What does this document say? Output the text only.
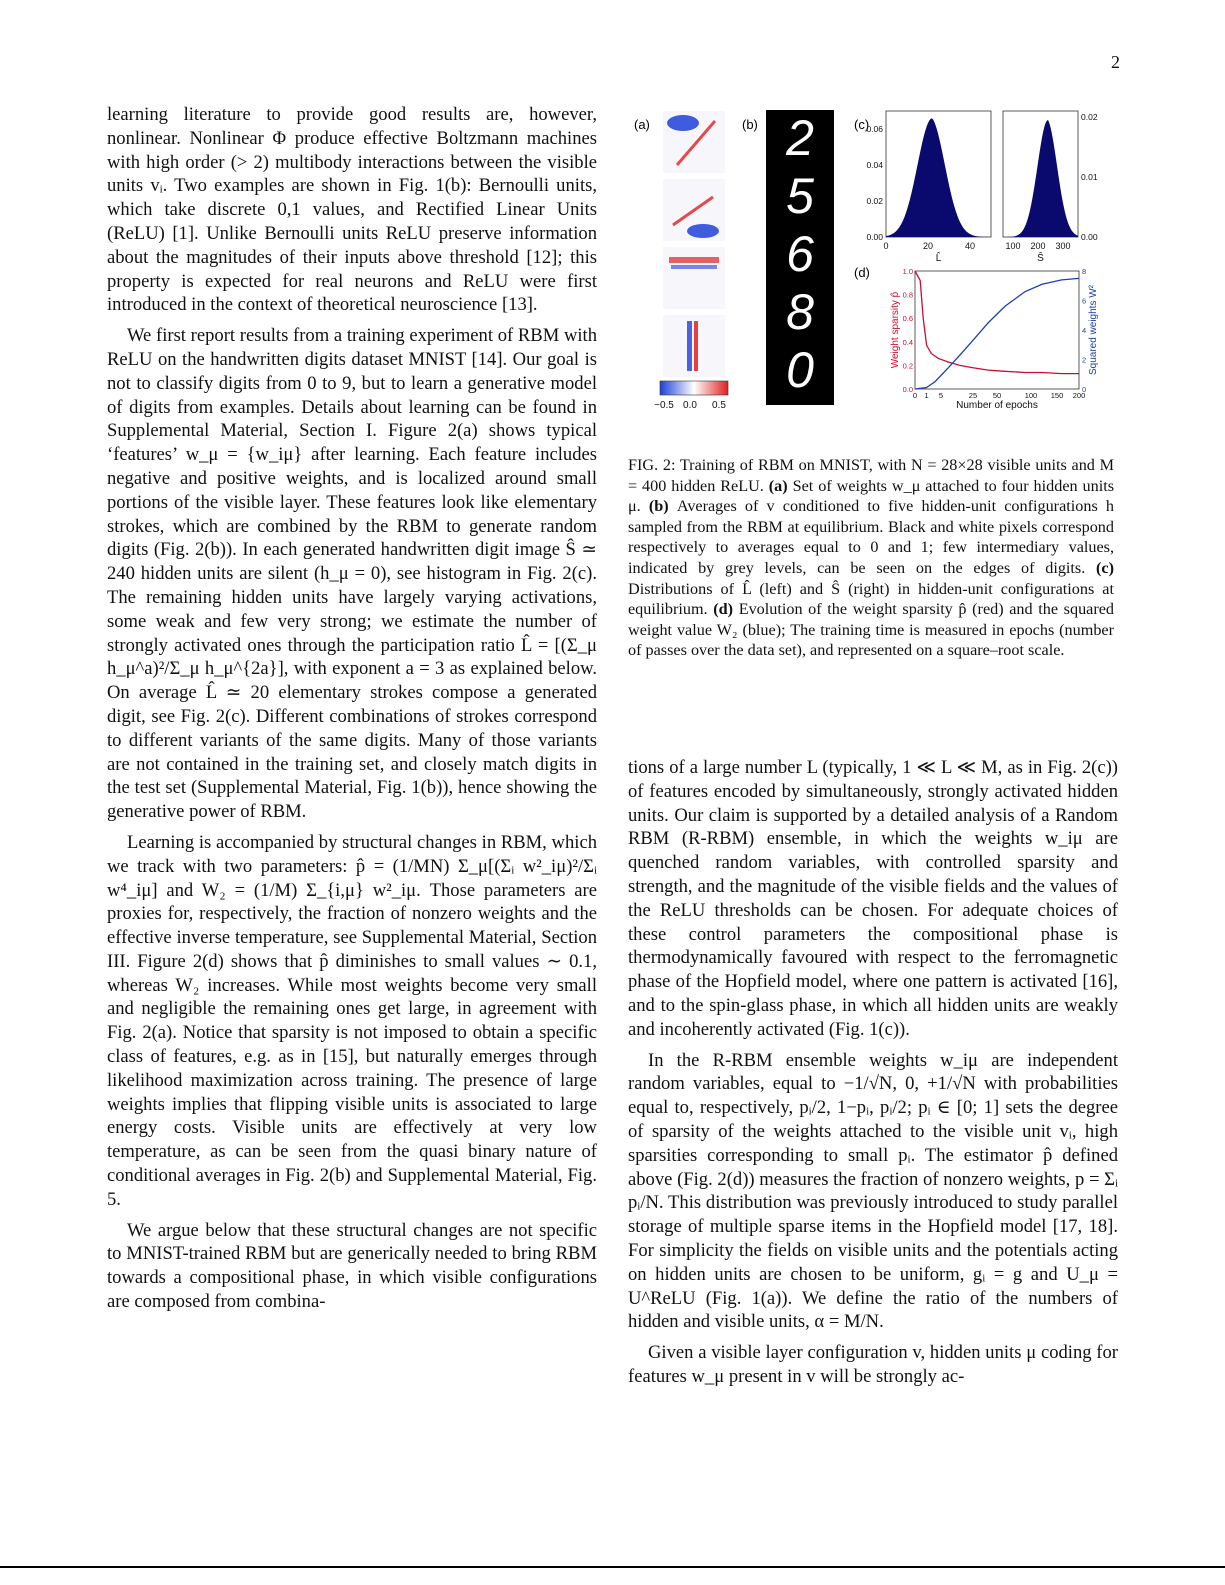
2

learning literature to provide good results are, however, nonlinear. Nonlinear Φ produce effective Boltzmann machines with high order (> 2) multibody interactions between the visible units vᵢ. Two examples are shown in Fig. 1(b): Bernoulli units, which take discrete 0,1 values, and Rectified Linear Units (ReLU) [1]. Unlike Bernoulli units ReLU preserve information about the magnitudes of their inputs above threshold [12]; this property is expected for real neurons and ReLU were first introduced in the context of theoretical neuroscience [13].

We first report results from a training experiment of RBM with ReLU on the handwritten digits dataset MNIST [14]. Our goal is not to classify digits from 0 to 9, but to learn a generative model of digits from examples. Details about learning can be found in Supplemental Material, Section I. Figure 2(a) shows typical ‘features’ w_μ = {w_iμ} after learning. Each feature includes negative and positive weights, and is localized around small portions of the visible layer. These features look like elementary strokes, which are combined by the RBM to generate random digits (Fig. 2(b)). In each generated handwritten digit image Ŝ ≃ 240 hidden units are silent (h_μ = 0), see histogram in Fig. 2(c). The remaining hidden units have largely varying activations, some weak and few very strong; we estimate the number of strongly activated ones through the participation ratio L̂ = [(Σ_μ h_μ^a)²/Σ_μ h_μ^{2a}], with exponent a = 3 as explained below. On average L̂ ≃ 20 elementary strokes compose a generated digit, see Fig. 2(c). Different combinations of strokes correspond to different variants of the same digits. Many of those variants are not contained in the training set, and closely match digits in the test set (Supplemental Material, Fig. 1(b)), hence showing the generative power of RBM.

Learning is accompanied by structural changes in RBM, which we track with two parameters: p̂ = (1/MN) Σ_μ[(Σᵢ w²_iμ)²/Σᵢ w⁴_iμ] and W₂ = (1/M) Σ_{i,μ} w²_iμ. Those parameters are proxies for, respectively, the fraction of nonzero weights and the effective inverse temperature, see Supplemental Material, Section III. Figure 2(d) shows that p̂ diminishes to small values ∼ 0.1, whereas W₂ increases. While most weights become very small and negligible the remaining ones get large, in agreement with Fig. 2(a). Notice that sparsity is not imposed to obtain a specific class of features, e.g. as in [15], but naturally emerges through likelihood maximization across training. The presence of large weights implies that flipping visible units is associated to large energy costs. Visible units are effectively at very low temperature, as can be seen from the quasi binary nature of conditional averages in Fig. 2(b) and Supplemental Material, Fig. 5.

We argue below that these structural changes are not specific to MNIST-trained RBM but are generically needed to bring RBM towards a compositional phase, in which visible configurations are composed from combina-

(a)	(b)	(c)
(d)
−0.5 0.0 0.5
2
5
6
8
0
0	20	40
0.00
0.02
0.04
0.06
L̂
100 200 300
0.00
0.01
0.02
Ŝ
0 1 5	25 50	100 150 200
0.0
0.2
0.4
0.6
0.8
1.0
0
2
4
6
8
Number of epochs
Weight sparsity p̂	Squared weights W²
FIG. 2: Training of RBM on MNIST, with N = 28×28 visible units and M = 400 hidden ReLU. (a) Set of weights w_μ attached to four hidden units μ. (b) Averages of v conditioned to five hidden-unit configurations h sampled from the RBM at equilibrium. Black and white pixels correspond respectively to averages equal to 0 and 1; few intermediary values, indicated by grey levels, can be seen on the edges of digits. (c) Distributions of L̂ (left) and Ŝ (right) in hidden-unit configurations at equilibrium. (d) Evolution of the weight sparsity p̂ (red) and the squared weight value W₂ (blue); The training time is measured in epochs (number of passes over the data set), and represented on a square–root scale.

tions of a large number L (typically, 1 ≪ L ≪ M, as in Fig. 2(c)) of features encoded by simultaneously, strongly activated hidden units. Our claim is supported by a detailed analysis of a Random RBM (R-RBM) ensemble, in which the weights w_iμ are quenched random variables, with controlled sparsity and strength, and the magnitude of the visible fields and the values of the ReLU thresholds can be chosen. For adequate choices of these control parameters the compositional phase is thermodynamically favoured with respect to the ferromagnetic phase of the Hopfield model, where one pattern is activated [16], and to the spin-glass phase, in which all hidden units are weakly and incoherently activated (Fig. 1(c)).

In the R-RBM ensemble weights w_iμ are independent random variables, equal to −1/√N, 0, +1/√N with probabilities equal to, respectively, pᵢ/2, 1−pᵢ, pᵢ/2; pᵢ ∈ [0; 1] sets the degree of sparsity of the weights attached to the visible unit vᵢ, high sparsities corresponding to small pᵢ. The estimator p̂ defined above (Fig. 2(d)) measures the fraction of nonzero weights, p = Σᵢ pᵢ/N. This distribution was previously introduced to study parallel storage of multiple sparse items in the Hopfield model [17, 18]. For simplicity the fields on visible units and the potentials acting on hidden units are chosen to be uniform, gᵢ = g and U_μ = U^ReLU (Fig. 1(a)). We define the ratio of the numbers of hidden and visible units, α = M/N.

Given a visible layer configuration v, hidden units μ coding for features w_μ present in v will be strongly ac-
